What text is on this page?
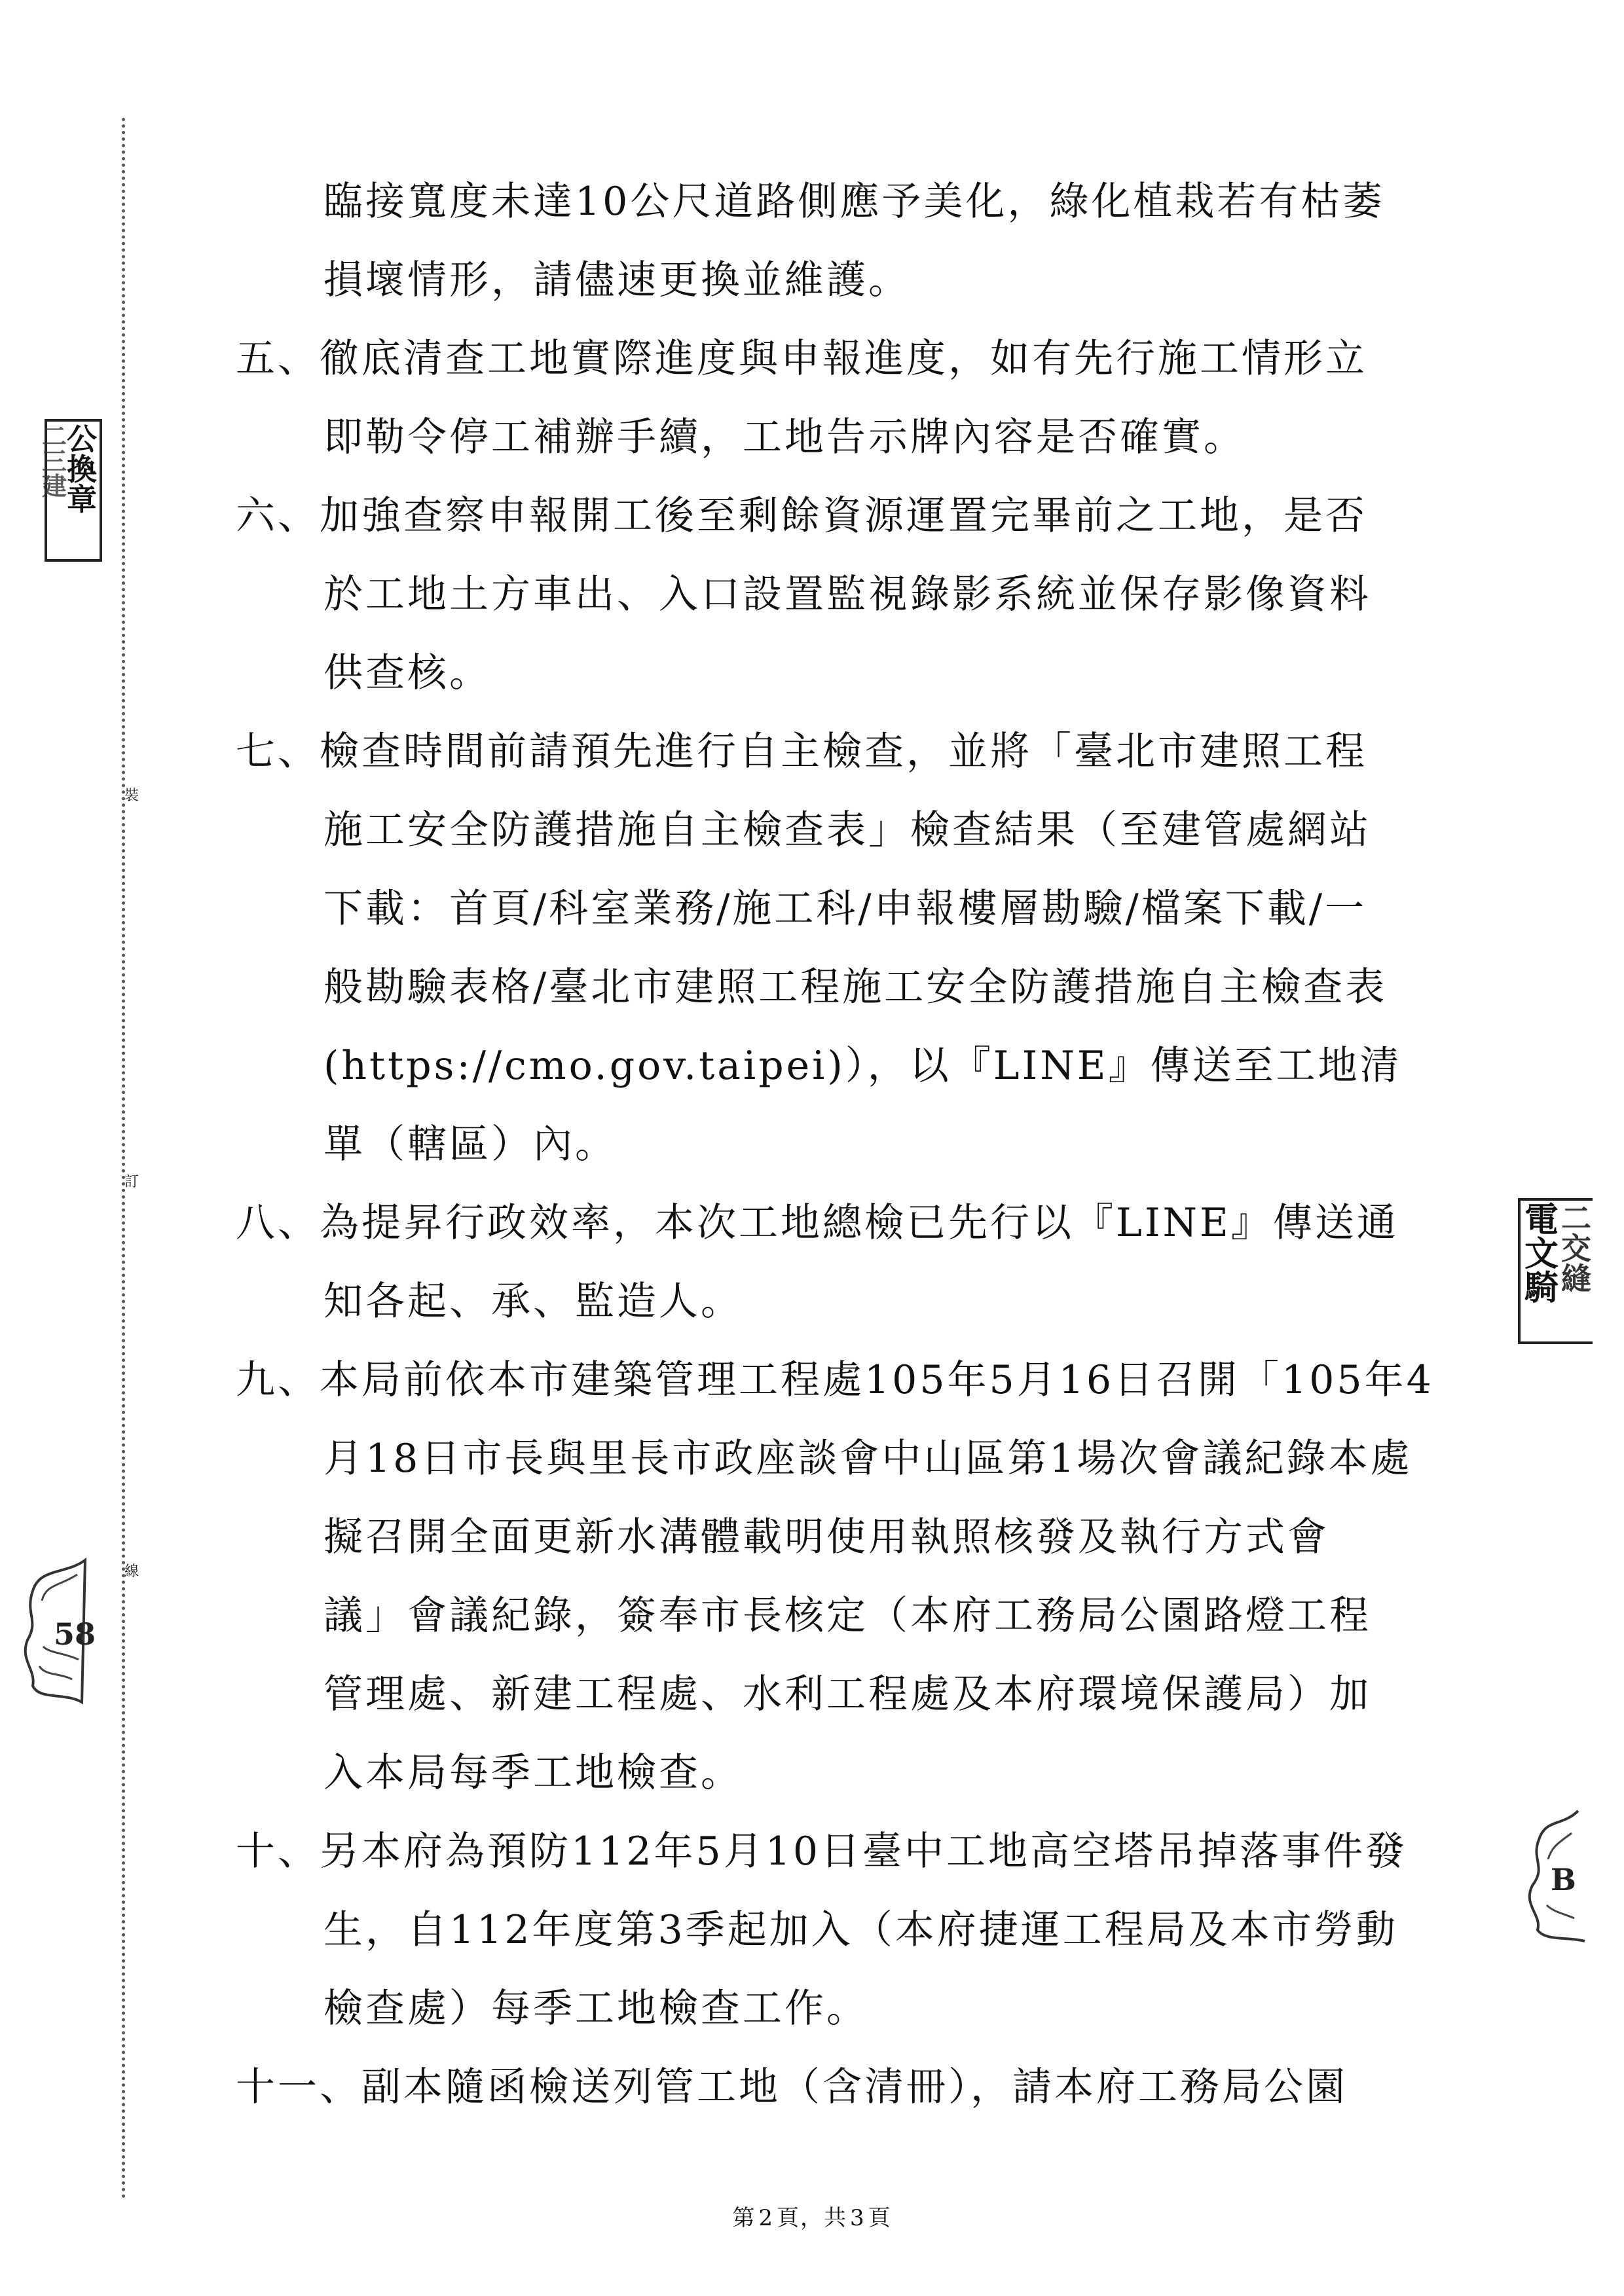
裝
訂
線
二三建
公換章
電文騎
二交縫
58
B
臨接寬度未達10公尺道路側應予美化，綠化植栽若有枯萎
損壞情形，請儘速更換並維護。
五、徹底清查工地實際進度與申報進度，如有先行施工情形立
即勒令停工補辦手續，工地告示牌內容是否確實。
六、加強查察申報開工後至剩餘資源運置完畢前之工地，是否
於工地土方車出、入口設置監視錄影系統並保存影像資料
供查核。
七、檢查時間前請預先進行自主檢查，並將「臺北市建照工程
施工安全防護措施自主檢查表」檢查結果（至建管處網站
下載：首頁/科室業務/施工科/申報樓層勘驗/檔案下載/一
般勘驗表格/臺北市建照工程施工安全防護措施自主檢查表
(https://cmo.gov.taipei)），以『LINE』傳送至工地清
單（轄區）內。
八、為提昇行政效率，本次工地總檢已先行以『LINE』傳送通
知各起、承、監造人。
九、本局前依本市建築管理工程處105年5月16日召開「105年4
月18日市長與里長市政座談會中山區第1場次會議紀錄本處
擬召開全面更新水溝體載明使用執照核發及執行方式會
議」會議紀錄，簽奉市長核定（本府工務局公園路燈工程
管理處、新建工程處、水利工程處及本府環境保護局）加
入本局每季工地檢查。
十、另本府為預防112年5月10日臺中工地高空塔吊掉落事件發
生，自112年度第3季起加入（本府捷運工程局及本市勞動
檢查處）每季工地檢查工作。
十一、副本隨函檢送列管工地（含清冊），請本府工務局公園
第 2 頁，共 3 頁
